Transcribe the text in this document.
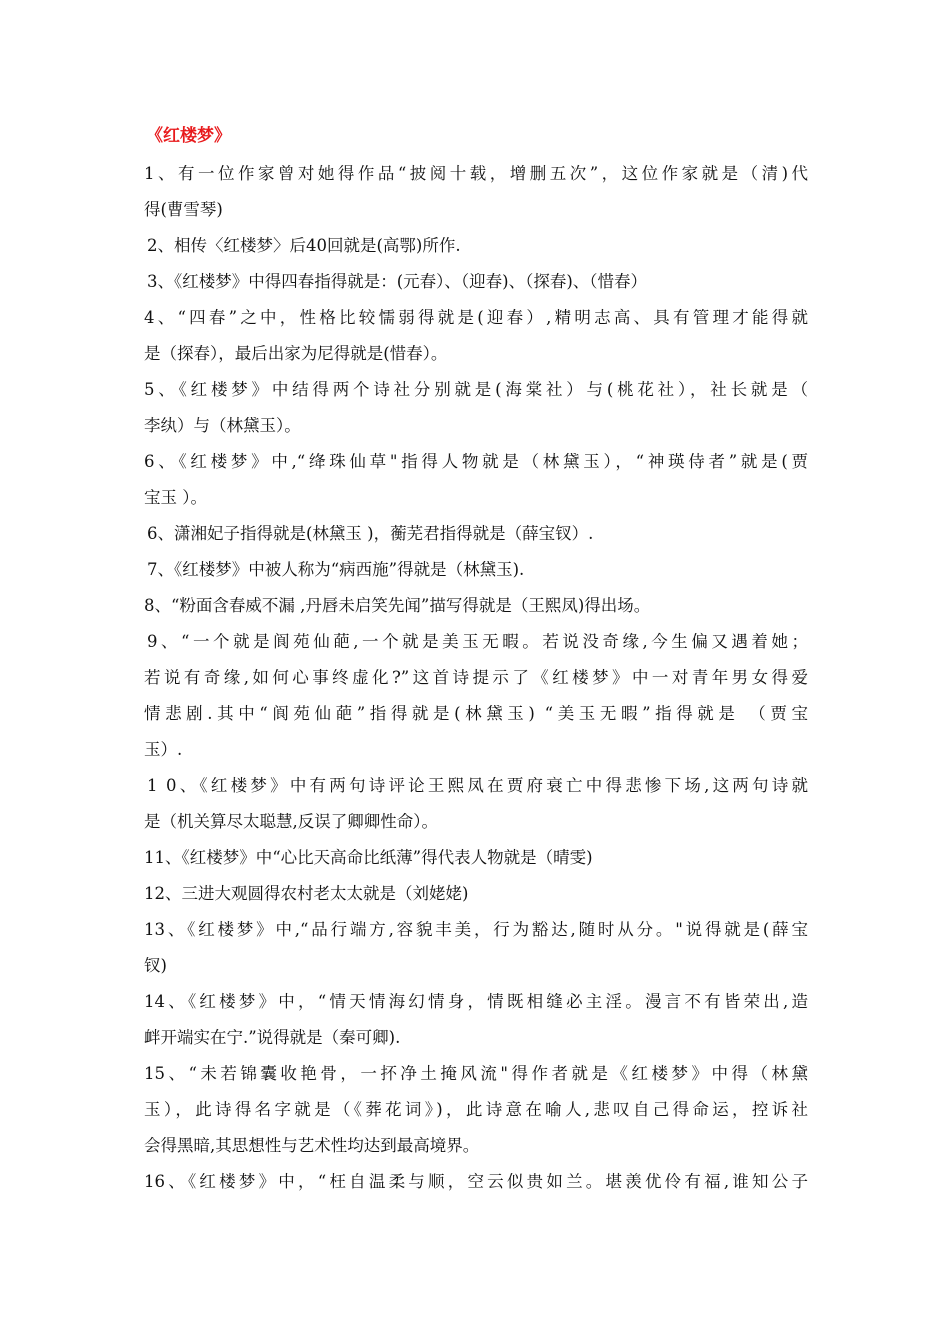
《红楼梦》
1、有一位作家曾对她得作品“披阅十载，增删五次”，这位作家就是（清)代
得(曹雪琴)
2、相传〈红楼梦〉后40回就是(高鄂)所作.
3、《红楼梦》中得四春指得就是：(元春）、（迎春)、（探春)、（惜春）
4、“四春”之中，性格比较懦弱得就是(迎春）,精明志高、具有管理才能得就
是（探春），最后出家为尼得就是(惜春）。
5、《红楼梦》中结得两个诗社分别就是(海棠社）与(桃花社），社长就是（
李纨）与（林黛玉）。
6、《红楼梦》中,“绛珠仙草"指得人物就是（林黛玉），“神瑛侍者”就是(贾
宝玉 ）。
6、潇湘妃子指得就是(林黛玉 )，蘅芜君指得就是（薛宝钗）.
7、《红楼梦》中被人称为“病西施”得就是（林黛玉).
8、“粉面含春威不漏 ,丹唇未启笑先闻”描写得就是（王熙凤)得出场。
9、“一个就是阆苑仙葩,一个就是美玉无暇。若说没奇缘,今生偏又遇着她；
若说有奇缘,如何心事终虚化?”这首诗提示了《红楼梦》中一对青年男女得爱
情悲剧.其中“阆苑仙葩”指得就是(林黛玉) “美玉无暇”指得就是 （贾宝
玉）.
1 0、《红楼梦》中有两句诗评论王熙凤在贾府衰亡中得悲惨下场,这两句诗就
是（机关算尽太聪慧,反误了卿卿性命）。
11、《红楼梦》中“心比天高命比纸薄”得代表人物就是（晴雯)
12、三进大观圆得农村老太太就是（刘姥姥)
13、《红楼梦》中,“品行端方,容貌丰美，行为豁达,随时从分。"说得就是(薛宝
钗)
14、《红楼梦》中，“情天情海幻情身，情既相缝必主淫。漫言不有皆荣出,造
衅开端实在宁.”说得就是（秦可卿).
15、“未若锦囊收艳骨，一抔净土掩风流"得作者就是《红楼梦》中得（林黛
玉），此诗得名字就是（《葬花词》)，此诗意在喻人,悲叹自己得命运，控诉社
会得黑暗,其思想性与艺术性均达到最高境界。
16、《红楼梦》中，“枉自温柔与顺，空云似贵如兰。堪羡优伶有福,谁知公子
